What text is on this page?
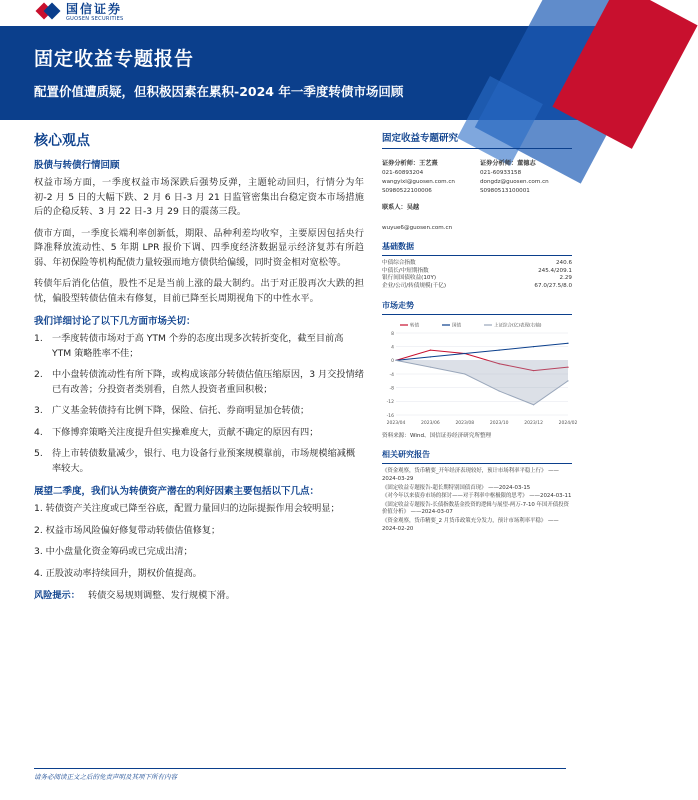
国信证券
GUOSEN SECURITIES
固定收益专题报告
配置价值遭质疑，但积极因素在累积-2024 年一季度转债市场回顾
核心观点
股债与转债行情回顾

权益市场方面，一季度权益市场深跌后强势反弹，主题轮动回归，行情分为年初-2 月 5 日的大幅下跌、2 月 6 日-3 月 21 日监管密集出台稳定资本市场措施后的企稳反转、3 月 22 日-3 月 29 日的震荡三段。

债市方面，一季度长端利率创新低，期限、品种利差均收窄，主要原因包括央行降准释放流动性、5 年期 LPR 报价下调、四季度经济数据显示经济复苏有所趋弱、年初保险等机构配债力量较强而地方债供给偏缓，同时资金相对宽松等。

转债年后消化估值，股性不足是当前上涨的最大制约。出于对正股再次大跌的担忧，偏股型转债估值未有修复，目前已降至长周期视角下的中性水平。

我们详细讨论了以下几方面市场关切：
1.	一季度转债市场对于高 YTM 个券的态度出现多次转折变化，截至目前高 YTM 策略胜率不佳；
2.	中小盘转债流动性有所下降，或构成该部分转债估值压缩原因，3 月交投情绪已有改善；分投资者类别看，自然人投资者重回积极；
3.	广义基金转债持有比例下降，保险、信托、券商明显加仓转债；
4.	下修博弈策略关注度提升但实操难度大，贡献不确定的原因有四；
5.	待上市转债数量减少，银行、电力设备行业预案规模靠前，市场规模缩减概率较大。
展望二季度，我们认为转债资产潜在的利好因素主要包括以下几点：
1. 转债资产关注度或已降至谷底，配置力量回归的边际提振作用会较明显；
2. 权益市场风险偏好修复带动转债估值修复；
3. 中小盘量化资金筹码或已完成出清；
4. 正股波动率持续回升，期权价值提高。
风险提示： 转债交易规则调整、发行规模下滑。
固定收益专题研究
证券分析师：王艺熹
021-60893204
wangyixi@guosen.com.cn
S0980522100006
证券分析师：董德志
021-60933158
dongdz@guosen.com.cn
S0980513100001
联系人：吴越
wuyue6@guosen.com.cn
基础数据
中债综合指数	240.6
中债长/中短期指数	245.4/209.1
银行间国债收益(10Y)	2.29
企业/公司/转债规模(千亿)	67.0/27.5/8.0
市场走势
8
4
0
-4
-8
-12
-16
2023/04	2023/06	2023/08	2023/10	2023/12	2024/02
转债	国债	上证综合(亿)表现(右轴)
资料来源：Wind、国信证券经济研究所整理
相关研究报告
《资金观察，货币精要_开年经济表现较好，预计市场利率平稳上行》 ——2024-03-29
《固定收益专题报告-超长期特别国债首现》 ——2024-03-15
《对今年以来债券市场的探讨——对于利率中枢极限的思考》 ——2024-03-11
《固定收益专题报告-长债指数基金投资的逻辑与展望-两万-7-10 年国开债投资价值分析》 ——2024-03-07
《资金观察，货币精要_2 月货币政策充分发力，预计市场利率平稳》 ——2024-02-20
请务必阅读正文之后的免责声明及其项下所有内容
